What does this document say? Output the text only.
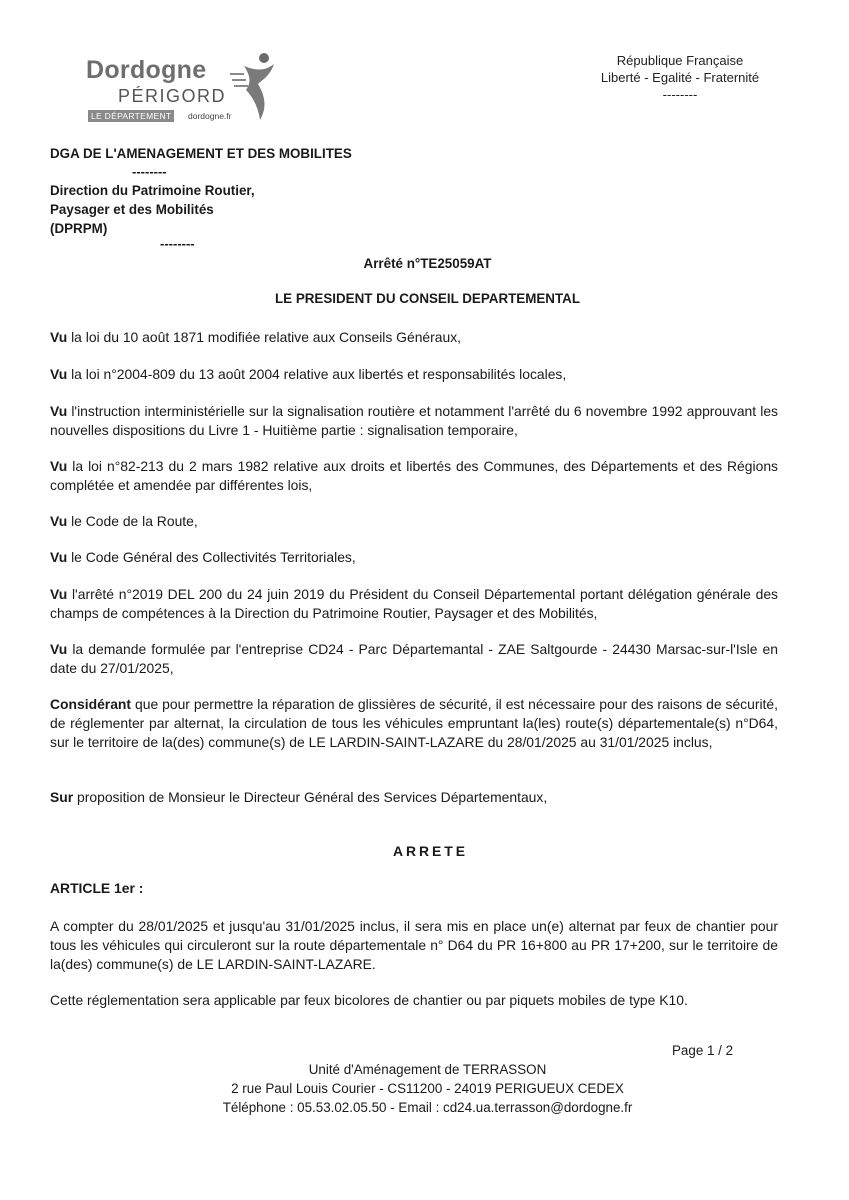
Dordogne
PÉRIGORD
LE DÉPARTEMENT	dordogne.fr
République Française
Liberté - Egalité - Fraternité
--------
DGA DE L'AMENAGEMENT ET DES MOBILITES
--------
Direction du Patrimoine Routier,
Paysager et des Mobilités
(DPRPM)
--------
Arrêté n°TE25059AT
LE PRESIDENT DU CONSEIL DEPARTEMENTAL
Vu la loi du 10 août 1871 modifiée relative aux Conseils Généraux,
Vu la loi n°2004-809 du 13 août 2004 relative aux libertés et responsabilités locales,
Vu l'instruction interministérielle sur la signalisation routière et notamment l'arrêté du 6 novembre 1992 approuvant les nouvelles dispositions du Livre 1 - Huitième partie : signalisation temporaire,
Vu la loi n°82-213 du 2 mars 1982 relative aux droits et libertés des Communes, des Départements et des Régions complétée et amendée par différentes lois,
Vu le Code de la Route,
Vu le Code Général des Collectivités Territoriales,
Vu l'arrêté n°2019 DEL 200 du 24 juin 2019 du Président du Conseil Départemental portant délégation générale des champs de compétences à la Direction du Patrimoine Routier, Paysager et des Mobilités,
Vu la demande formulée par l'entreprise CD24 - Parc Départemantal - ZAE Saltgourde - 24430 Marsac-sur-l'Isle en date du 27/01/2025,
Considérant que pour permettre la réparation de glissières de sécurité, il est nécessaire pour des raisons de sécurité, de réglementer par alternat, la circulation de tous les véhicules empruntant la(les) route(s) départementale(s) n°D64, sur le territoire de la(des) commune(s) de LE LARDIN-SAINT-LAZARE du 28/01/2025 au 31/01/2025 inclus,
Sur proposition de Monsieur le Directeur Général des Services Départementaux,
ARRETE
ARTICLE 1er :
A compter du 28/01/2025 et jusqu'au 31/01/2025 inclus, il sera mis en place un(e) alternat par feux de chantier pour tous les véhicules qui circuleront sur la route départementale n° D64 du PR 16+800 au PR 17+200, sur le territoire de la(des) commune(s) de LE LARDIN-SAINT-LAZARE.
Cette réglementation sera applicable par feux bicolores de chantier ou par piquets mobiles de type K10.
Page 1 / 2
Unité d'Aménagement de TERRASSON
2 rue Paul Louis Courier - CS11200 - 24019 PERIGUEUX CEDEX
Téléphone : 05.53.02.05.50 - Email : cd24.ua.terrasson@dordogne.fr
